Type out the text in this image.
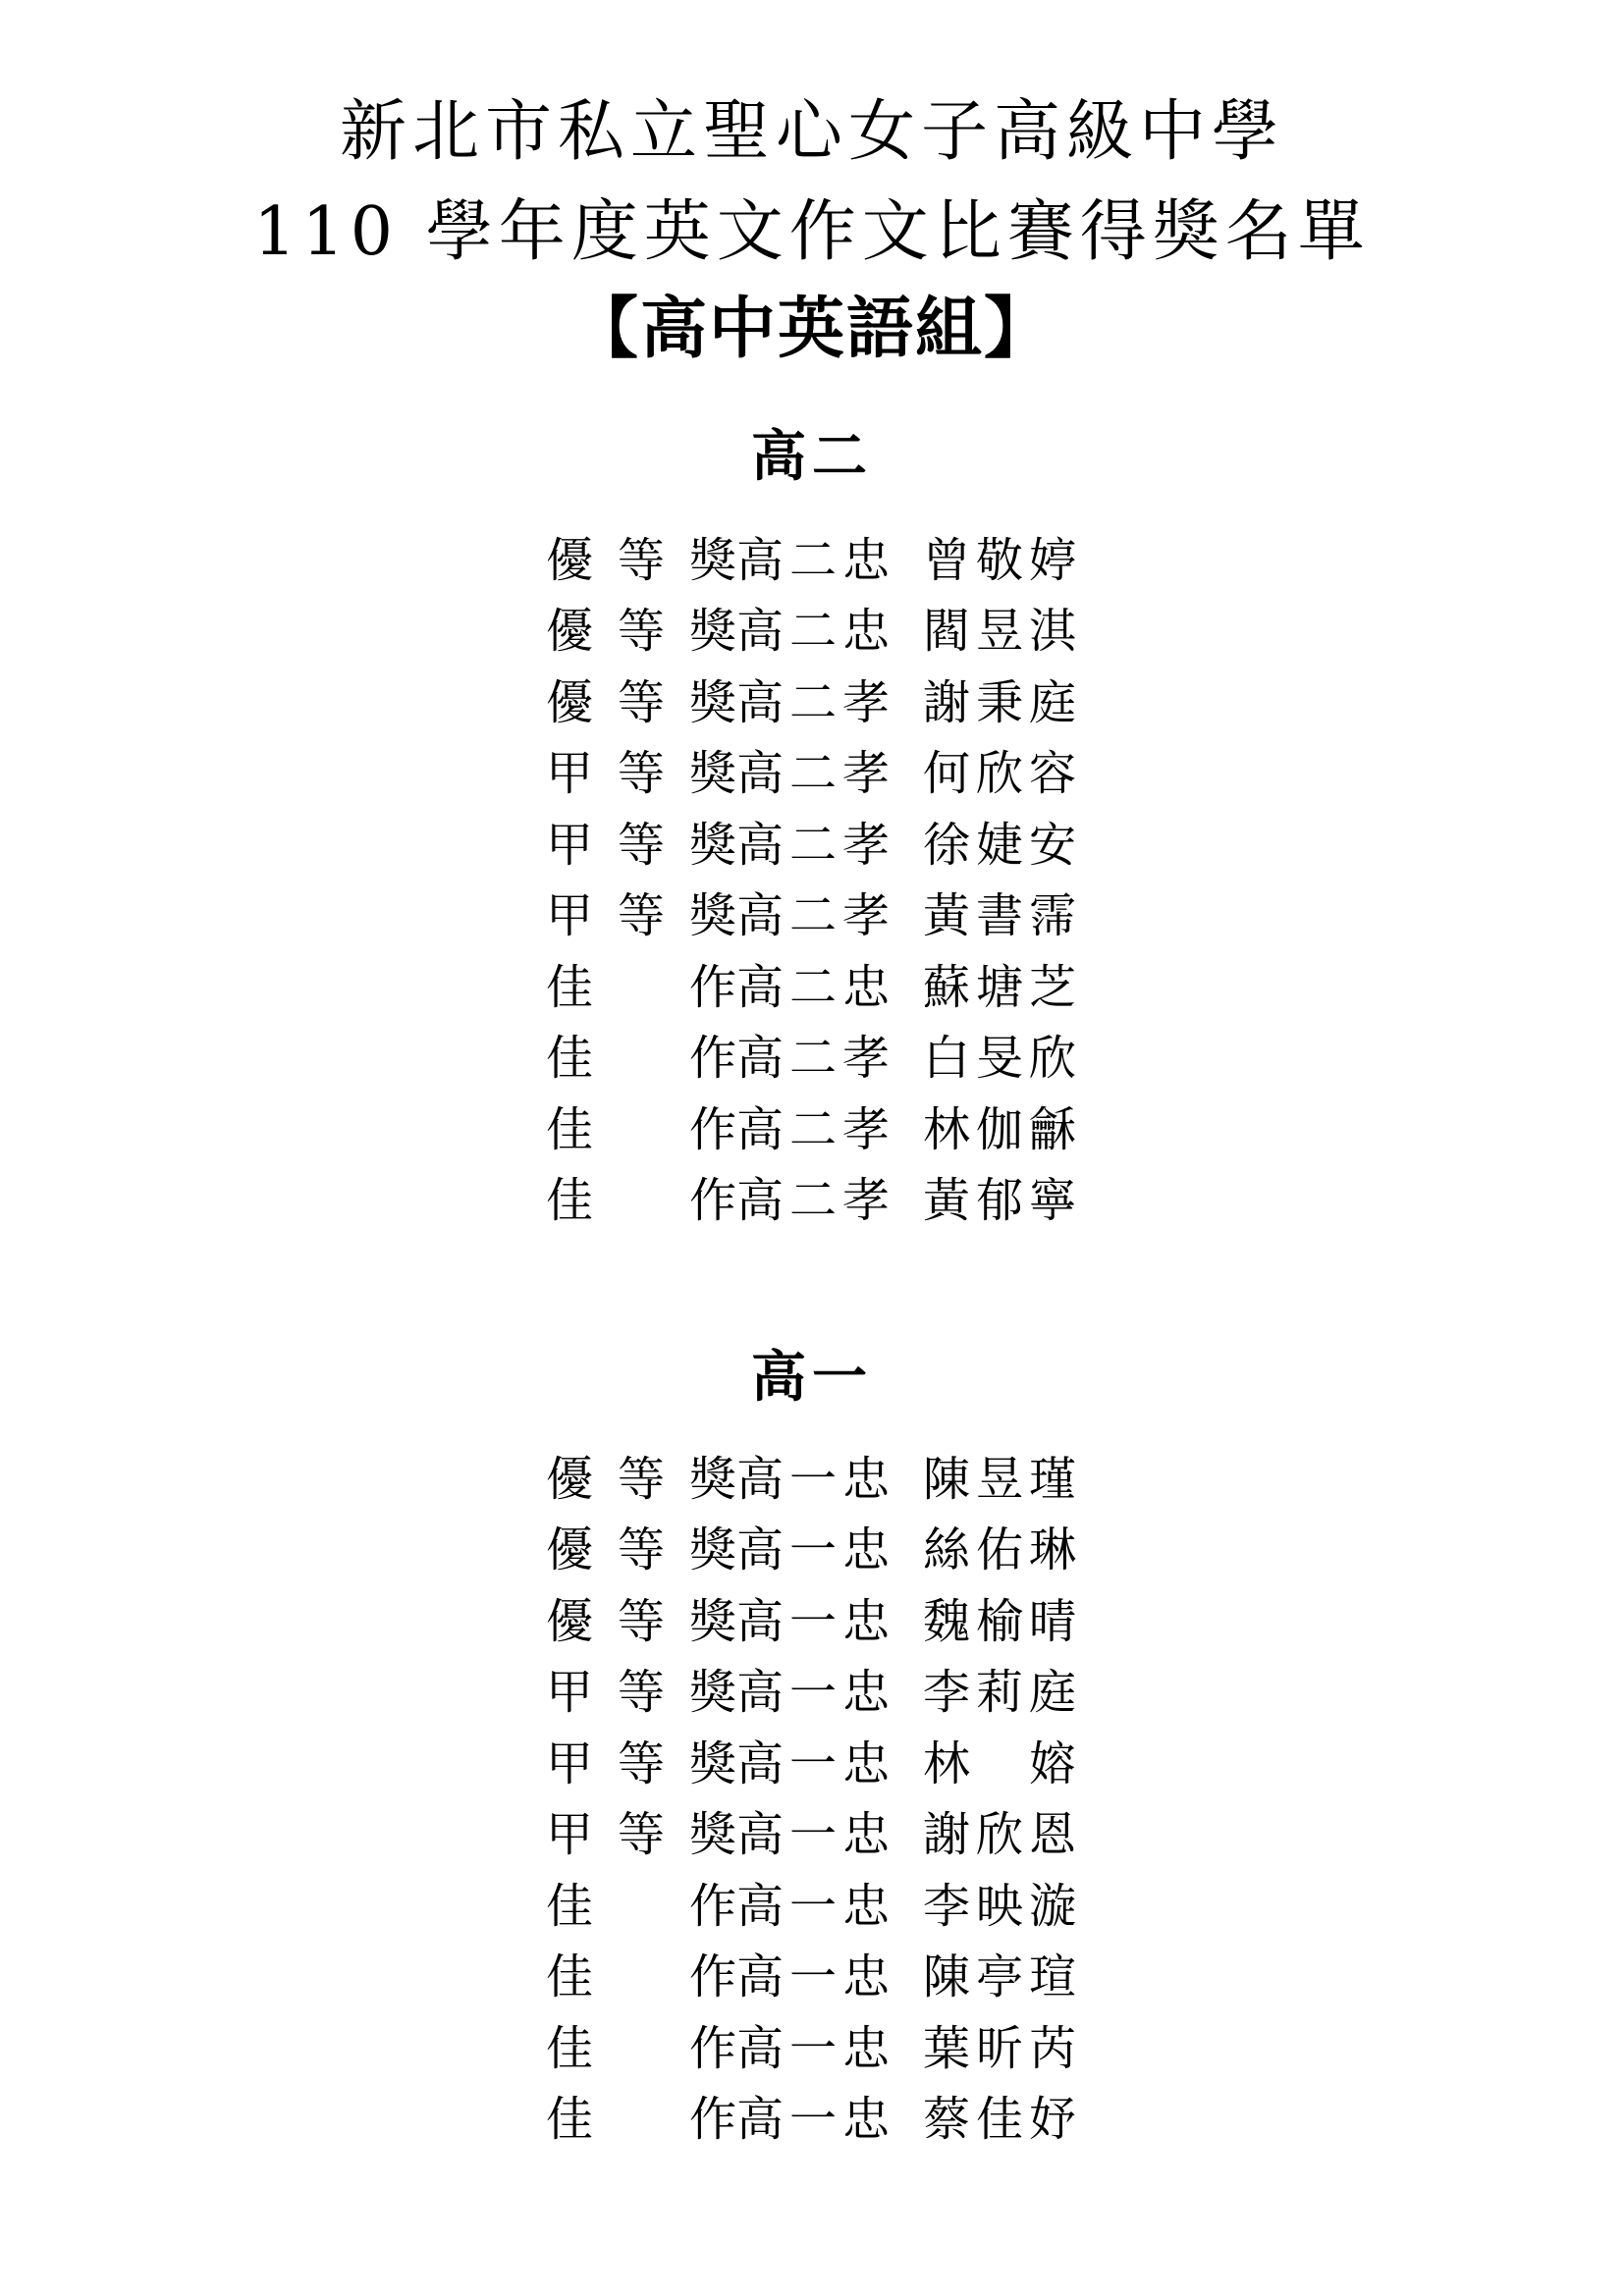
新北市私立聖心女子高級中學
110 學年度英文作文比賽得獎名單
【高中英語組】
高二
優 等 獎 高二忠 曾敬婷
優 等 獎 高二忠 閻昱淇
優 等 獎 高二孝 謝秉庭
甲 等 獎 高二孝 何欣容
甲 等 獎 高二孝 徐婕安
甲 等 獎 高二孝 黃書霈
佳 作 高二忠 蘇塘芝
佳 作 高二孝 白旻欣
佳 作 高二孝 林伽龢
佳 作 高二孝 黃郁寧
高一
優 等 獎 高一忠 陳昱瑾
優 等 獎 高一忠 絲佑琳
優 等 獎 高一忠 魏榆晴
甲 等 獎 高一忠 李莉庭
甲 等 獎 高一忠 林　嫆
甲 等 獎 高一忠 謝欣恩
佳 作 高一忠 李映漩
佳 作 高一忠 陳亭瑄
佳 作 高一忠 葉昕芮
佳 作 高一忠 蔡佳妤
